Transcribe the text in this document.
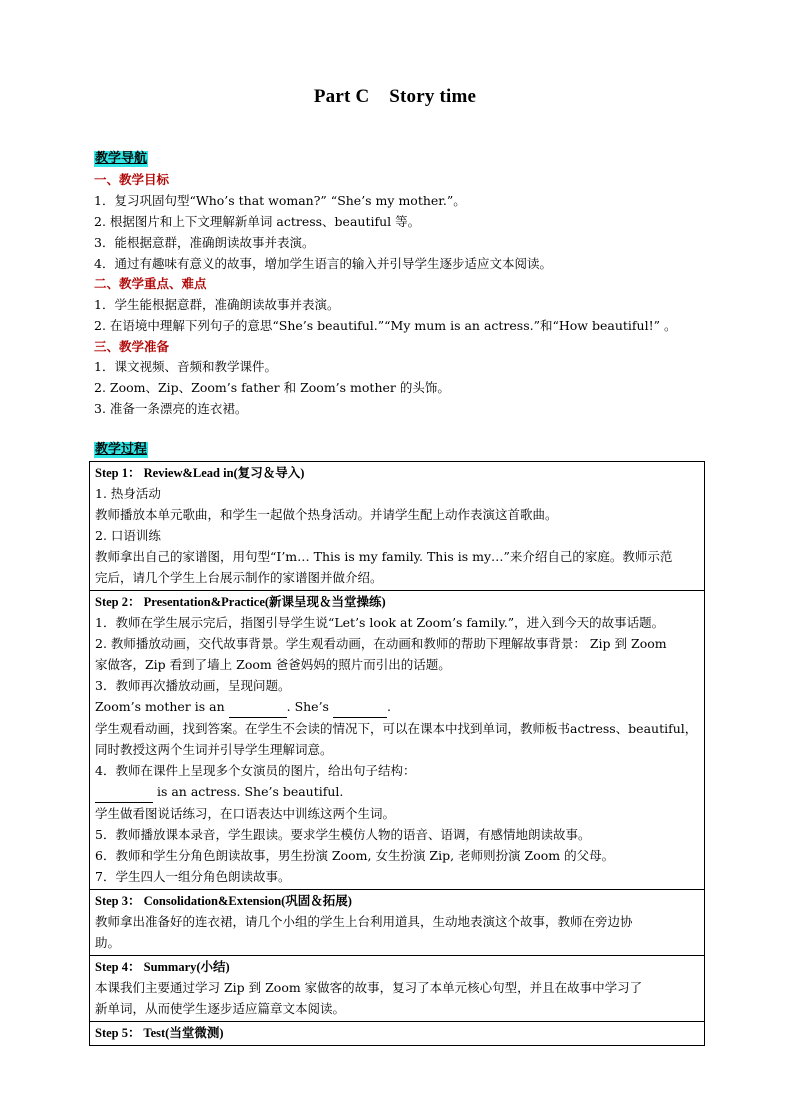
Part C    Story time
教学导航
一、教学目标
1．复习巩固句型“Who’s that woman?” “She’s my mother.”。
2. 根据图片和上下文理解新单词 actress、beautiful 等。
3．能根据意群，准确朗读故事并表演。
4．通过有趣味有意义的故事，增加学生语言的输入并引导学生逐步适应文本阅读。
二、教学重点、难点
1．学生能根据意群，准确朗读故事并表演。
2. 在语境中理解下列句子的意思“She’s beautiful.”“My mum is an actress.”和“How beautiful!” 。
三、教学准备
1．课文视频、音频和教学课件。
2. Zoom、Zip、Zoom’s father 和 Zoom’s mother 的头饰。
3. 准备一条漂亮的连衣裙。
教学过程
Step 1： Review&Lead in(复习＆导入)
1. 热身活动
教师播放本单元歌曲，和学生一起做个热身活动。并请学生配上动作表演这首歌曲。
2. 口语训练
教师拿出自己的家谱图，用句型“I’m… This is my family. This is my…”来介绍自己的家庭。教师示范
完后，请几个学生上台展示制作的家谱图并做介绍。
Step 2： Presentation&Practice(新课呈现＆当堂操练)
1．教师在学生展示完后，指图引导学生说“Let’s look at Zoom’s family.”，进入到今天的故事话题。
2. 教师播放动画，交代故事背景。学生观看动画，在动画和教师的帮助下理解故事背景： Zip 到 Zoom
家做客，Zip 看到了墙上 Zoom 爸爸妈妈的照片而引出的话题。
3．教师再次播放动画，呈现问题。
Zoom’s mother is an	. She’s	.
学生观看动画，找到答案。在学生不会读的情况下，可以在课本中找到单词，教师板书actress、beautiful，
同时教授这两个生词并引导学生理解词意。
4．教师在课件上呈现多个女演员的图片，给出句子结构：
is an actress. She’s beautiful.
学生做看图说话练习，在口语表达中训练这两个生词。
5．教师播放课本录音，学生跟读。要求学生模仿人物的语音、语调，有感情地朗读故事。
6．教师和学生分角色朗读故事，男生扮演 Zoom, 女生扮演 Zip, 老师则扮演 Zoom 的父母。
7．学生四人一组分角色朗读故事。
Step 3： Consolidation&Extension(巩固＆拓展)
教师拿出准备好的连衣裙，请几个小组的学生上台利用道具，生动地表演这个故事，教师在旁边协
助。
Step 4： Summary(小结)
本课我们主要通过学习 Zip 到 Zoom 家做客的故事，复习了本单元核心句型，并且在故事中学习了
新单词，从而使学生逐步适应篇章文本阅读。
Step 5： Test(当堂微测)
